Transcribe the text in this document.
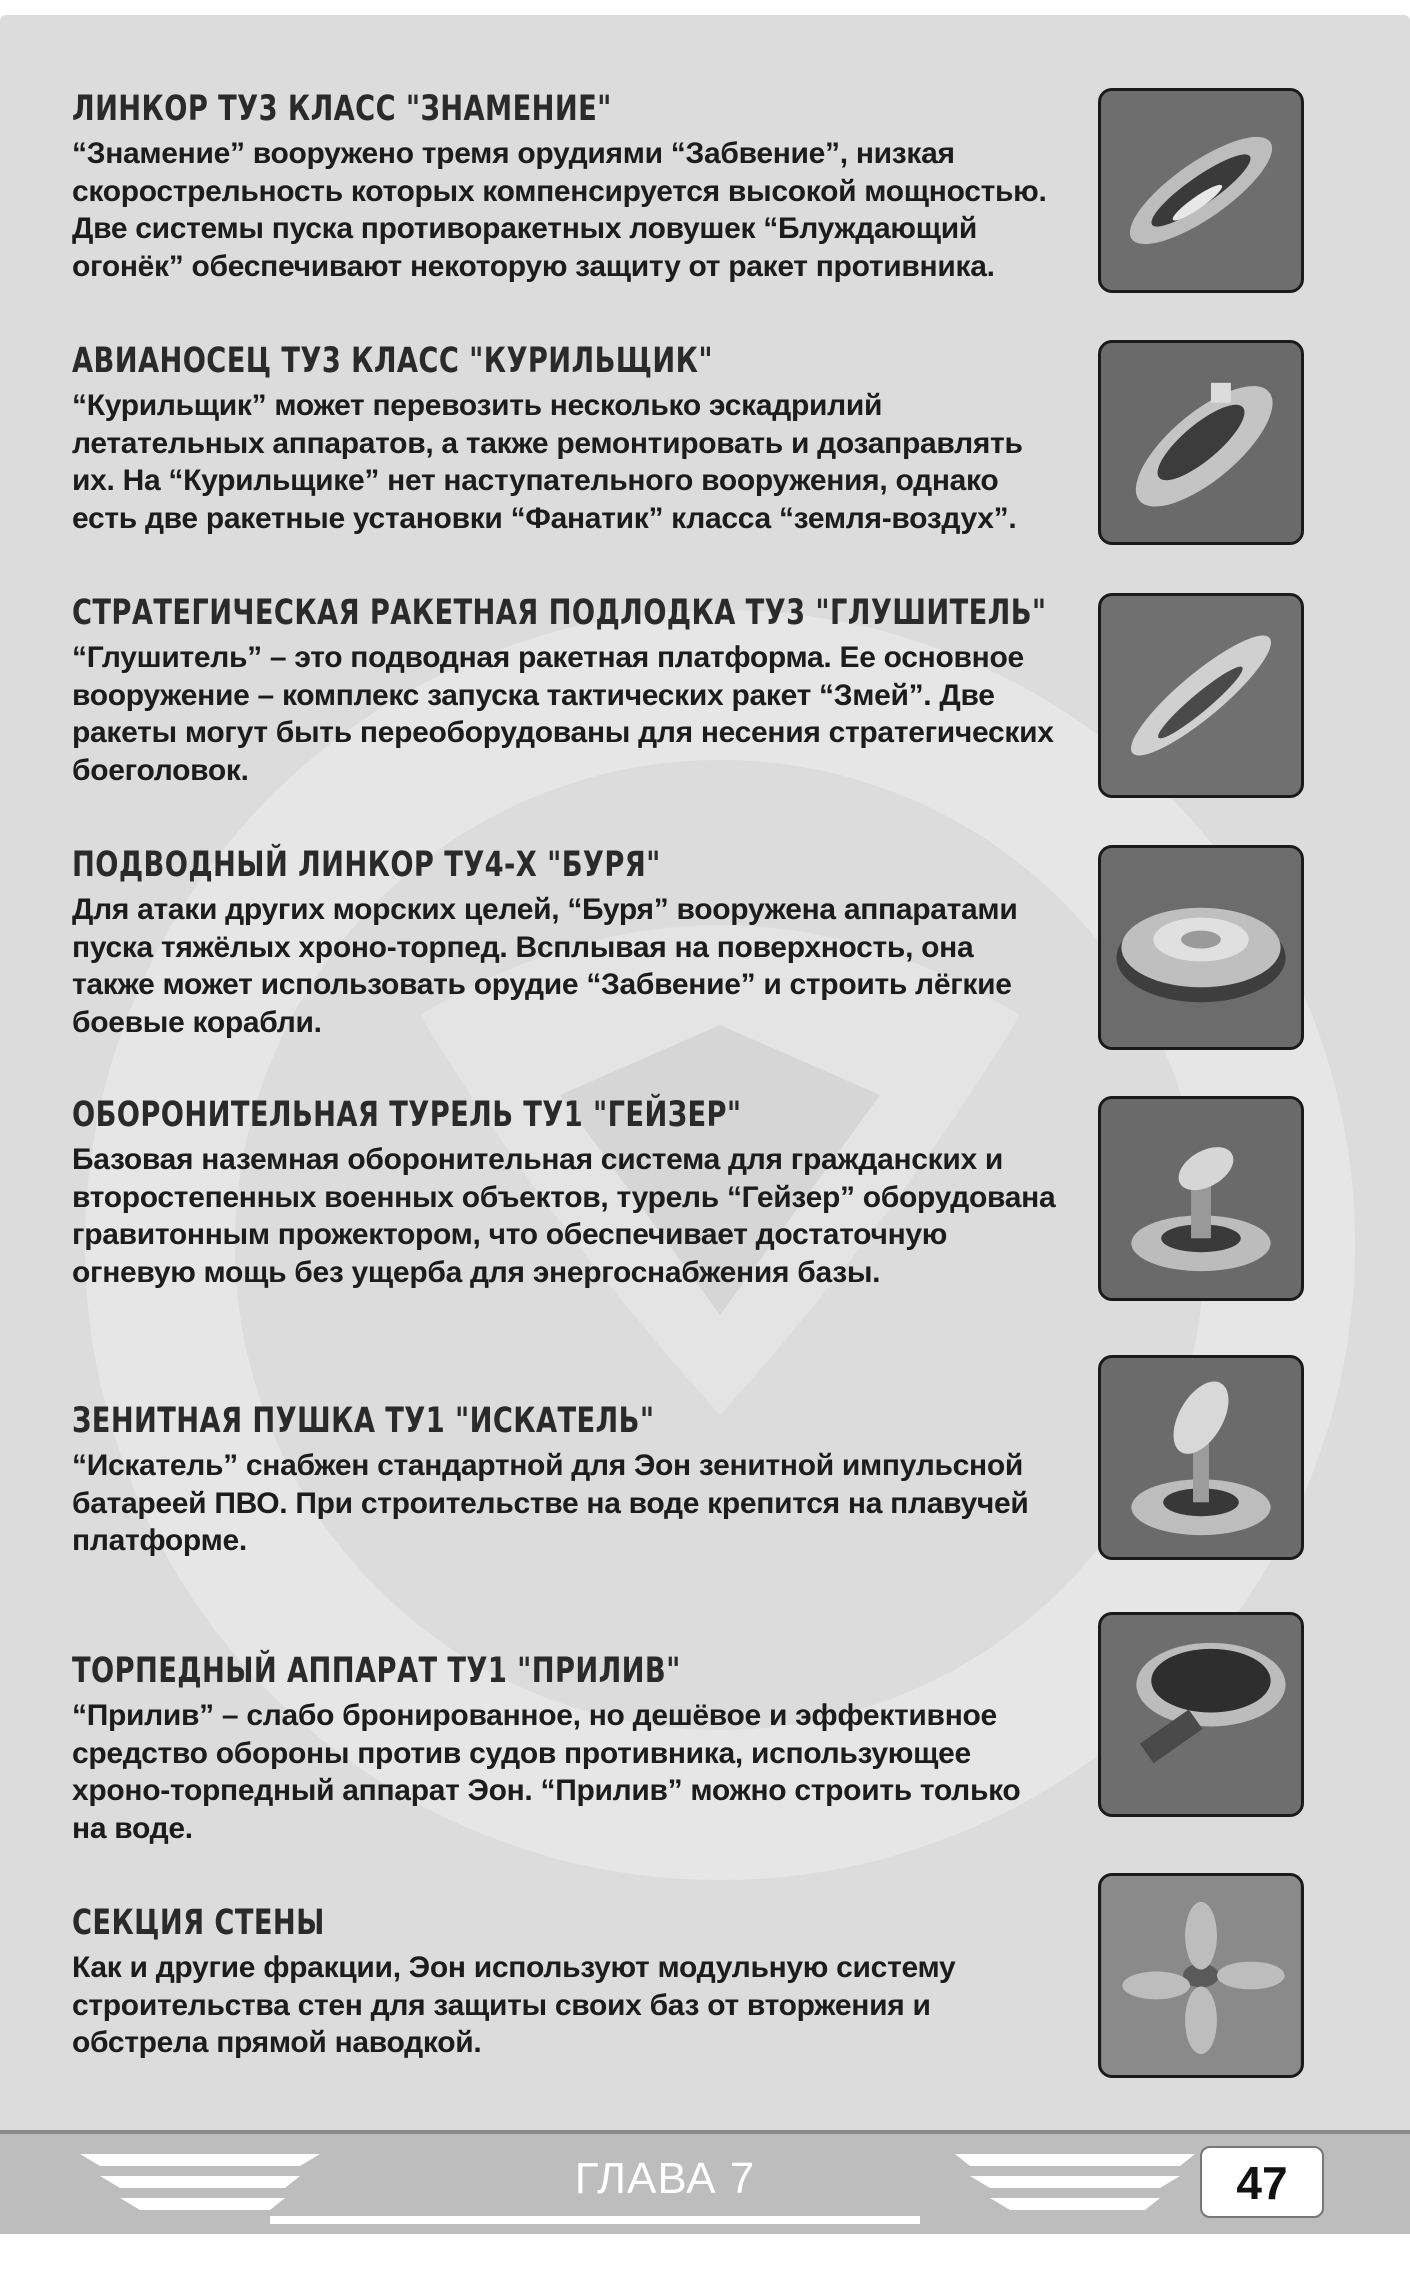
ЛИНКОР ТУ3 КЛАСС "ЗНАМЕНИЕ"

“Знамение” вооружено тремя орудиями “Забвение”, низкая скорострельность которых компенсируется высокой мощностью. Две системы пуска противоракетных ловушек “Блуждающий огонёк” обеспечивают некоторую защиту от ракет противника.

АВИАНОСЕЦ ТУ3 КЛАСС "КУРИЛЬЩИК"

“Курильщик” может перевозить несколько эскадрилий летательных аппаратов, а также ремонтировать и дозаправлять их. На “Курильщике” нет наступательного вооружения, однако есть две ракетные установки “Фанатик” класса “земля-воздух”.

СТРАТЕГИЧЕСКАЯ РАКЕТНАЯ ПОДЛОДКА ТУ3 "ГЛУШИТЕЛЬ"

“Глушитель” – это подводная ракетная платформа. Ее основное вооружение – комплекс запуска тактических ракет “Змей”. Две ракеты могут быть переоборудованы для несения стратегических боеголовок.

ПОДВОДНЫЙ ЛИНКОР ТУ4-Х "БУРЯ"

Для атаки других морских целей, “Буря” вооружена аппаратами пуска тяжёлых хроно-торпед. Всплывая на поверхность, она также может использовать орудие “Забвение” и строить лёгкие боевые корабли.

ОБОРОНИТЕЛЬНАЯ ТУРЕЛЬ ТУ1 "ГЕЙЗЕР"

Базовая наземная оборонительная система для гражданских и второстепенных военных объектов, турель “Гейзер” оборудована гравитонным прожектором, что обеспечивает достаточную огневую мощь без ущерба для энергоснабжения базы.

ЗЕНИТНАЯ ПУШКА ТУ1 "ИСКАТЕЛЬ"

“Искатель” снабжен стандартной для Эон зенитной импульсной батареей ПВО. При строительстве на воде крепится на плавучей платформе.

ТОРПЕДНЫЙ АППАРАТ ТУ1 "ПРИЛИВ"

“Прилив” – слабо бронированное, но дешёвое и эффективное средство обороны против судов противника, использующее хроно-торпедный аппарат Эон. “Прилив” можно строить только на воде.

СЕКЦИЯ СТЕНЫ

Как и другие фракции, Эон используют модульную систему строительства стен для защиты своих баз от вторжения и обстрела прямой наводкой.

ГЛАВА 7	47
